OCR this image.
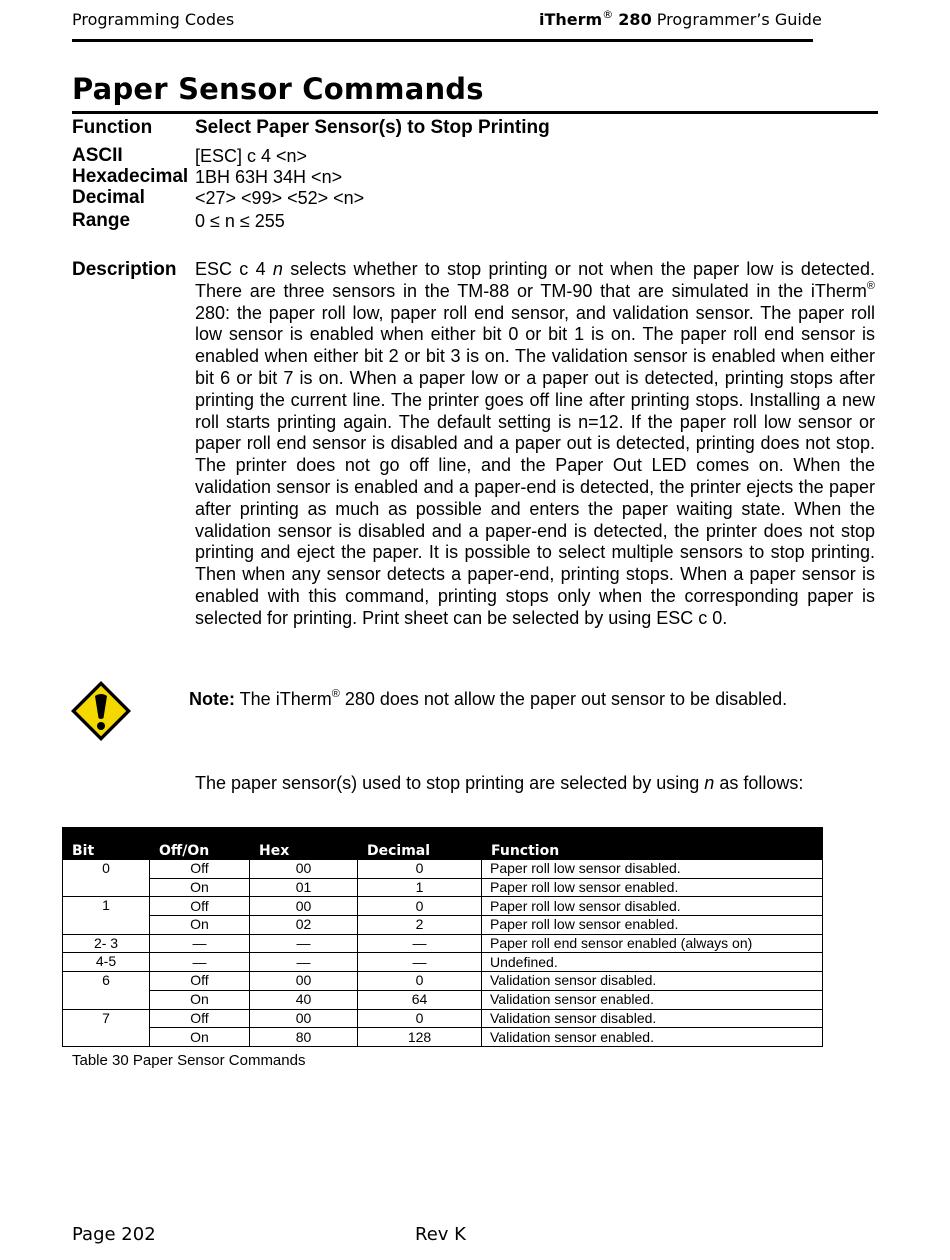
Programming Codes	iTherm® 280 Programmer’s Guide
Paper Sensor Commands
Function Select Paper Sensor(s) to Stop Printing
ASCII	[ESC] c 4 <n>
Hexadecimal 1BH 63H 34H <n>
Decimal	<27> <99> <52> <n>
Range	0 ≤ n ≤ 255
Description ESC c 4 n selects whether to stop printing or not when the paper low is detected. There are three sensors in the TM-88 or TM-90 that are simulated in the iTherm® 280: the paper roll low, paper roll end sensor, and validation sensor. The paper roll low sensor is enabled when either bit 0 or bit 1 is on. The paper roll end sensor is enabled when either bit 2 or bit 3 is on. The validation sensor is enabled when either bit 6 or bit 7 is on. When a paper low or a paper out is detected, printing stops after printing the current line. The printer goes off line after printing stops. Installing a new roll starts printing again. The default setting is n=12. If the paper roll low sensor or paper roll end sensor is disabled and a paper out is detected, printing does not stop. The printer does not go off line, and the Paper Out LED comes on. When the validation sensor is enabled and a paper-end is detected, the printer ejects the paper after printing as much as possible and enters the paper waiting state. When the validation sensor is disabled and a paper-end is detected, the printer does not stop printing and eject the paper. It is possible to select multiple sensors to stop printing. Then when any sensor detects a paper-end, printing stops. When a paper sensor is enabled with this command, printing stops only when the corresponding paper is selected for printing. Print sheet can be selected by using ESC c 0.
Note: The iTherm® 280 does not allow the paper out sensor to be disabled.
The paper sensor(s) used to stop printing are selected by using n as follows:
Bit	Off/On	Hex	Decimal	Function
0	Off	00	0	Paper roll low sensor disabled.
	On	01	1	Paper roll low sensor enabled.
1	Off	00	0	Paper roll low sensor disabled.
	On	02	2	Paper roll low sensor enabled.
2- 3	—	—	—	Paper roll end sensor enabled (always on)
4-5	—	—	—	Undefined.
6	Off	00	0	Validation sensor disabled.
	On	40	64	Validation sensor enabled.
7	Off	00	0	Validation sensor disabled.
	On	80	128	Validation sensor enabled.
Table 30 Paper Sensor Commands
Page 202	Rev K
